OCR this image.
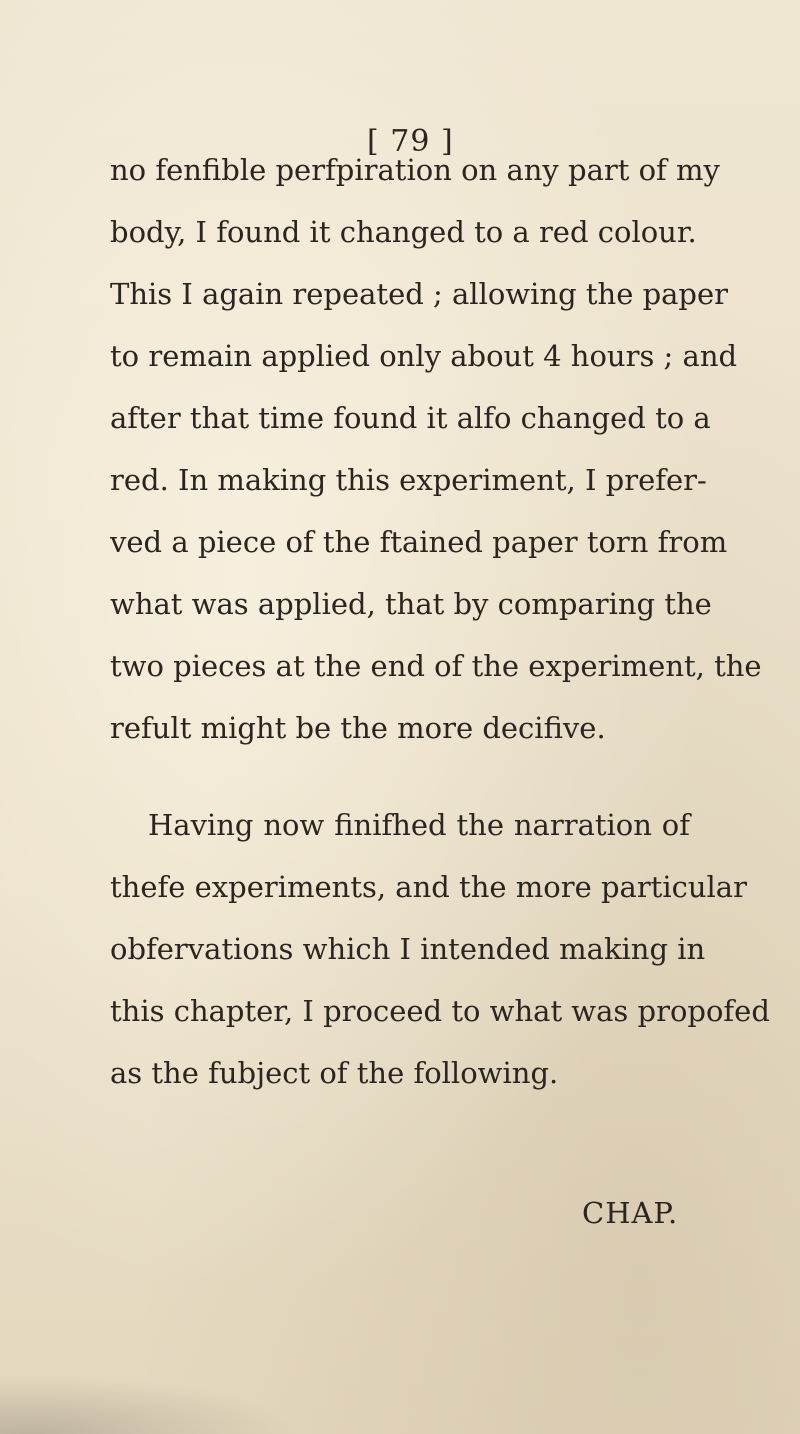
[ 79 ]
no fenfible perfpiration on any part of my
body, I found it changed to a red colour.
This I again repeated ; allowing the paper
to remain applied only about 4 hours ; and
after that time found it alfo changed to a
red. In making this experiment, I prefer-
ved a piece of the ftained paper torn from
what was applied, that by comparing the
two pieces at the end of the experiment, the
refult might be the more decifive.
Having now finifhed the narration of
thefe experiments, and the more particular
obfervations which I intended making in
this chapter, I proceed to what was propofed
as the fubject of the following.
CHAP.
